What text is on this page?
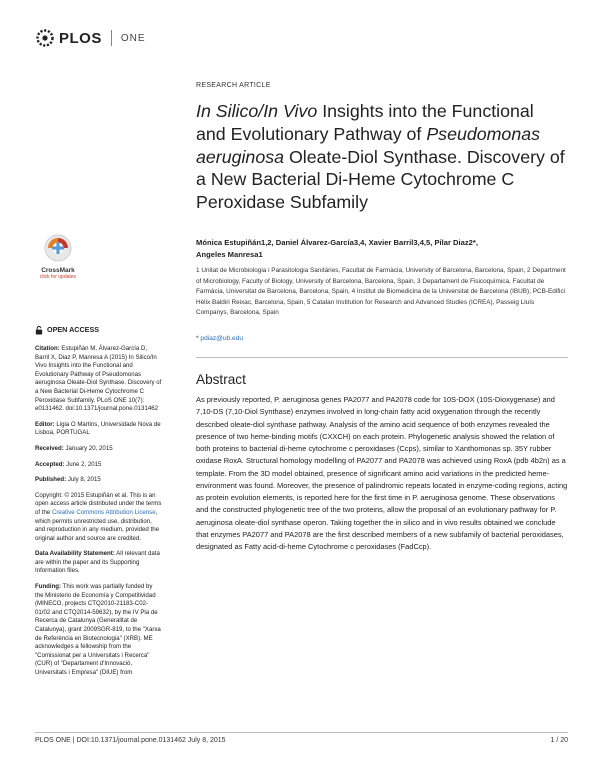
PLOS ONE
CrossMark
click for updates
OPEN ACCESS
Citation: Estupiñán M, Álvarez-García D, Barril X, Diaz P, Manresa A (2015) In Silico/In Vivo Insights into the Functional and Evolutionary Pathway of Pseudomonas aeruginosa Oleate-Diol Synthase. Discovery of a New Bacterial Di-Heme Cytochrome C Peroxidase Subfamily. PLoS ONE 10(7): e0131462. doi:10.1371/journal.pone.0131462
Editor: Ligia O Martins, Universidade Nova de Lisboa, PORTUGAL
Received: January 20, 2015
Accepted: June 2, 2015
Published: July 8, 2015
Copyright: © 2015 Estupiñán et al. This is an open access article distributed under the terms of the Creative Commons Attribution License, which permits unrestricted use, distribution, and reproduction in any medium, provided the original author and source are credited.
Data Availability Statement: All relevant data are within the paper and its Supporting Information files.
Funding: This work was partially funded by the Ministerio de Economía y Competitividad (MINECO, projects CTQ2010-21183-C02-01/02 and CTQ2014-59632), by the IV Pla de Recerca de Catalunya (Generalitat de Catalunya), grant 2009SGR-819, to the "Xarxa de Referència en Biotecnologia" (XRB). ME acknowledges a fellowship from the "Comissionat per a Universitats i Recerca" (CUR) of "Departament d'Innovació, Universitats i Empresa" (DIUE) from
RESEARCH ARTICLE
In Silico/In Vivo Insights into the Functional and Evolutionary Pathway of Pseudomonas aeruginosa Oleate-Diol Synthase. Discovery of a New Bacterial Di-Heme Cytochrome C Peroxidase Subfamily
Mónica Estupiñán1,2, Daniel Álvarez-García3,4, Xavier Barril3,4,5, Pilar Diaz2*,
Angeles Manresa1
1 Unitat de Microbiologia i Parasitologia Sanitàries, Facultat de Farmàcia, University of Barcelona, Barcelona, Spain, 2 Department of Microbiology, Faculty of Biology, University of Barcelona, Barcelona, Spain, 3 Departament de Fisicoquímica, Facultat de Farmàcia, Universitat de Barcelona, Barcelona, Spain, 4 Institut de Biomedicina de la Universitat de Barcelona (IBUB), PCB-Edifici Hèlix Baldiri Reixac, Barcelona, Spain, 5 Catalan Institution for Research and Advanced Studies (ICREA), Passeig Lluís Companys, Barcelona, Spain
* pdiaz@ub.edu
Abstract
As previously reported, P. aeruginosa genes PA2077 and PA2078 code for 10S-DOX (10S-Dioxygenase) and 7,10-DS (7,10-Diol Synthase) enzymes involved in long-chain fatty acid oxygenation through the recently described oleate-diol synthase pathway. Analysis of the amino acid sequence of both enzymes revealed the presence of two heme-binding motifs (CXXCH) on each protein. Phylogenetic analysis showed the relation of both proteins to bacterial di-heme cytochrome c peroxidases (Ccps), similar to Xanthomonas sp. 35Y rubber oxidase RoxA. Structural homology modelling of PA2077 and PA2078 was achieved using RoxA (pdb 4b2n) as a template. From the 3D model obtained, presence of significant amino acid variations in the predicted heme-environment was found. Moreover, the presence of palindromic repeats located in enzyme-coding regions, acting as protein evolution elements, is reported here for the first time in P. aeruginosa genome. These observations and the constructed phylogenetic tree of the two proteins, allow the proposal of an evolutionary pathway for P. aeruginosa oleate-diol synthase operon. Taking together the in silico and in vivo results obtained we conclude that enzymes PA2077 and PA2078 are the first described members of a new subfamily of bacterial peroxidases, designated as Fatty acid-di-heme Cytochrome c peroxidases (FadCcp).
PLOS ONE | DOI:10.1371/journal.pone.0131462 July 8, 2015	1 / 20
